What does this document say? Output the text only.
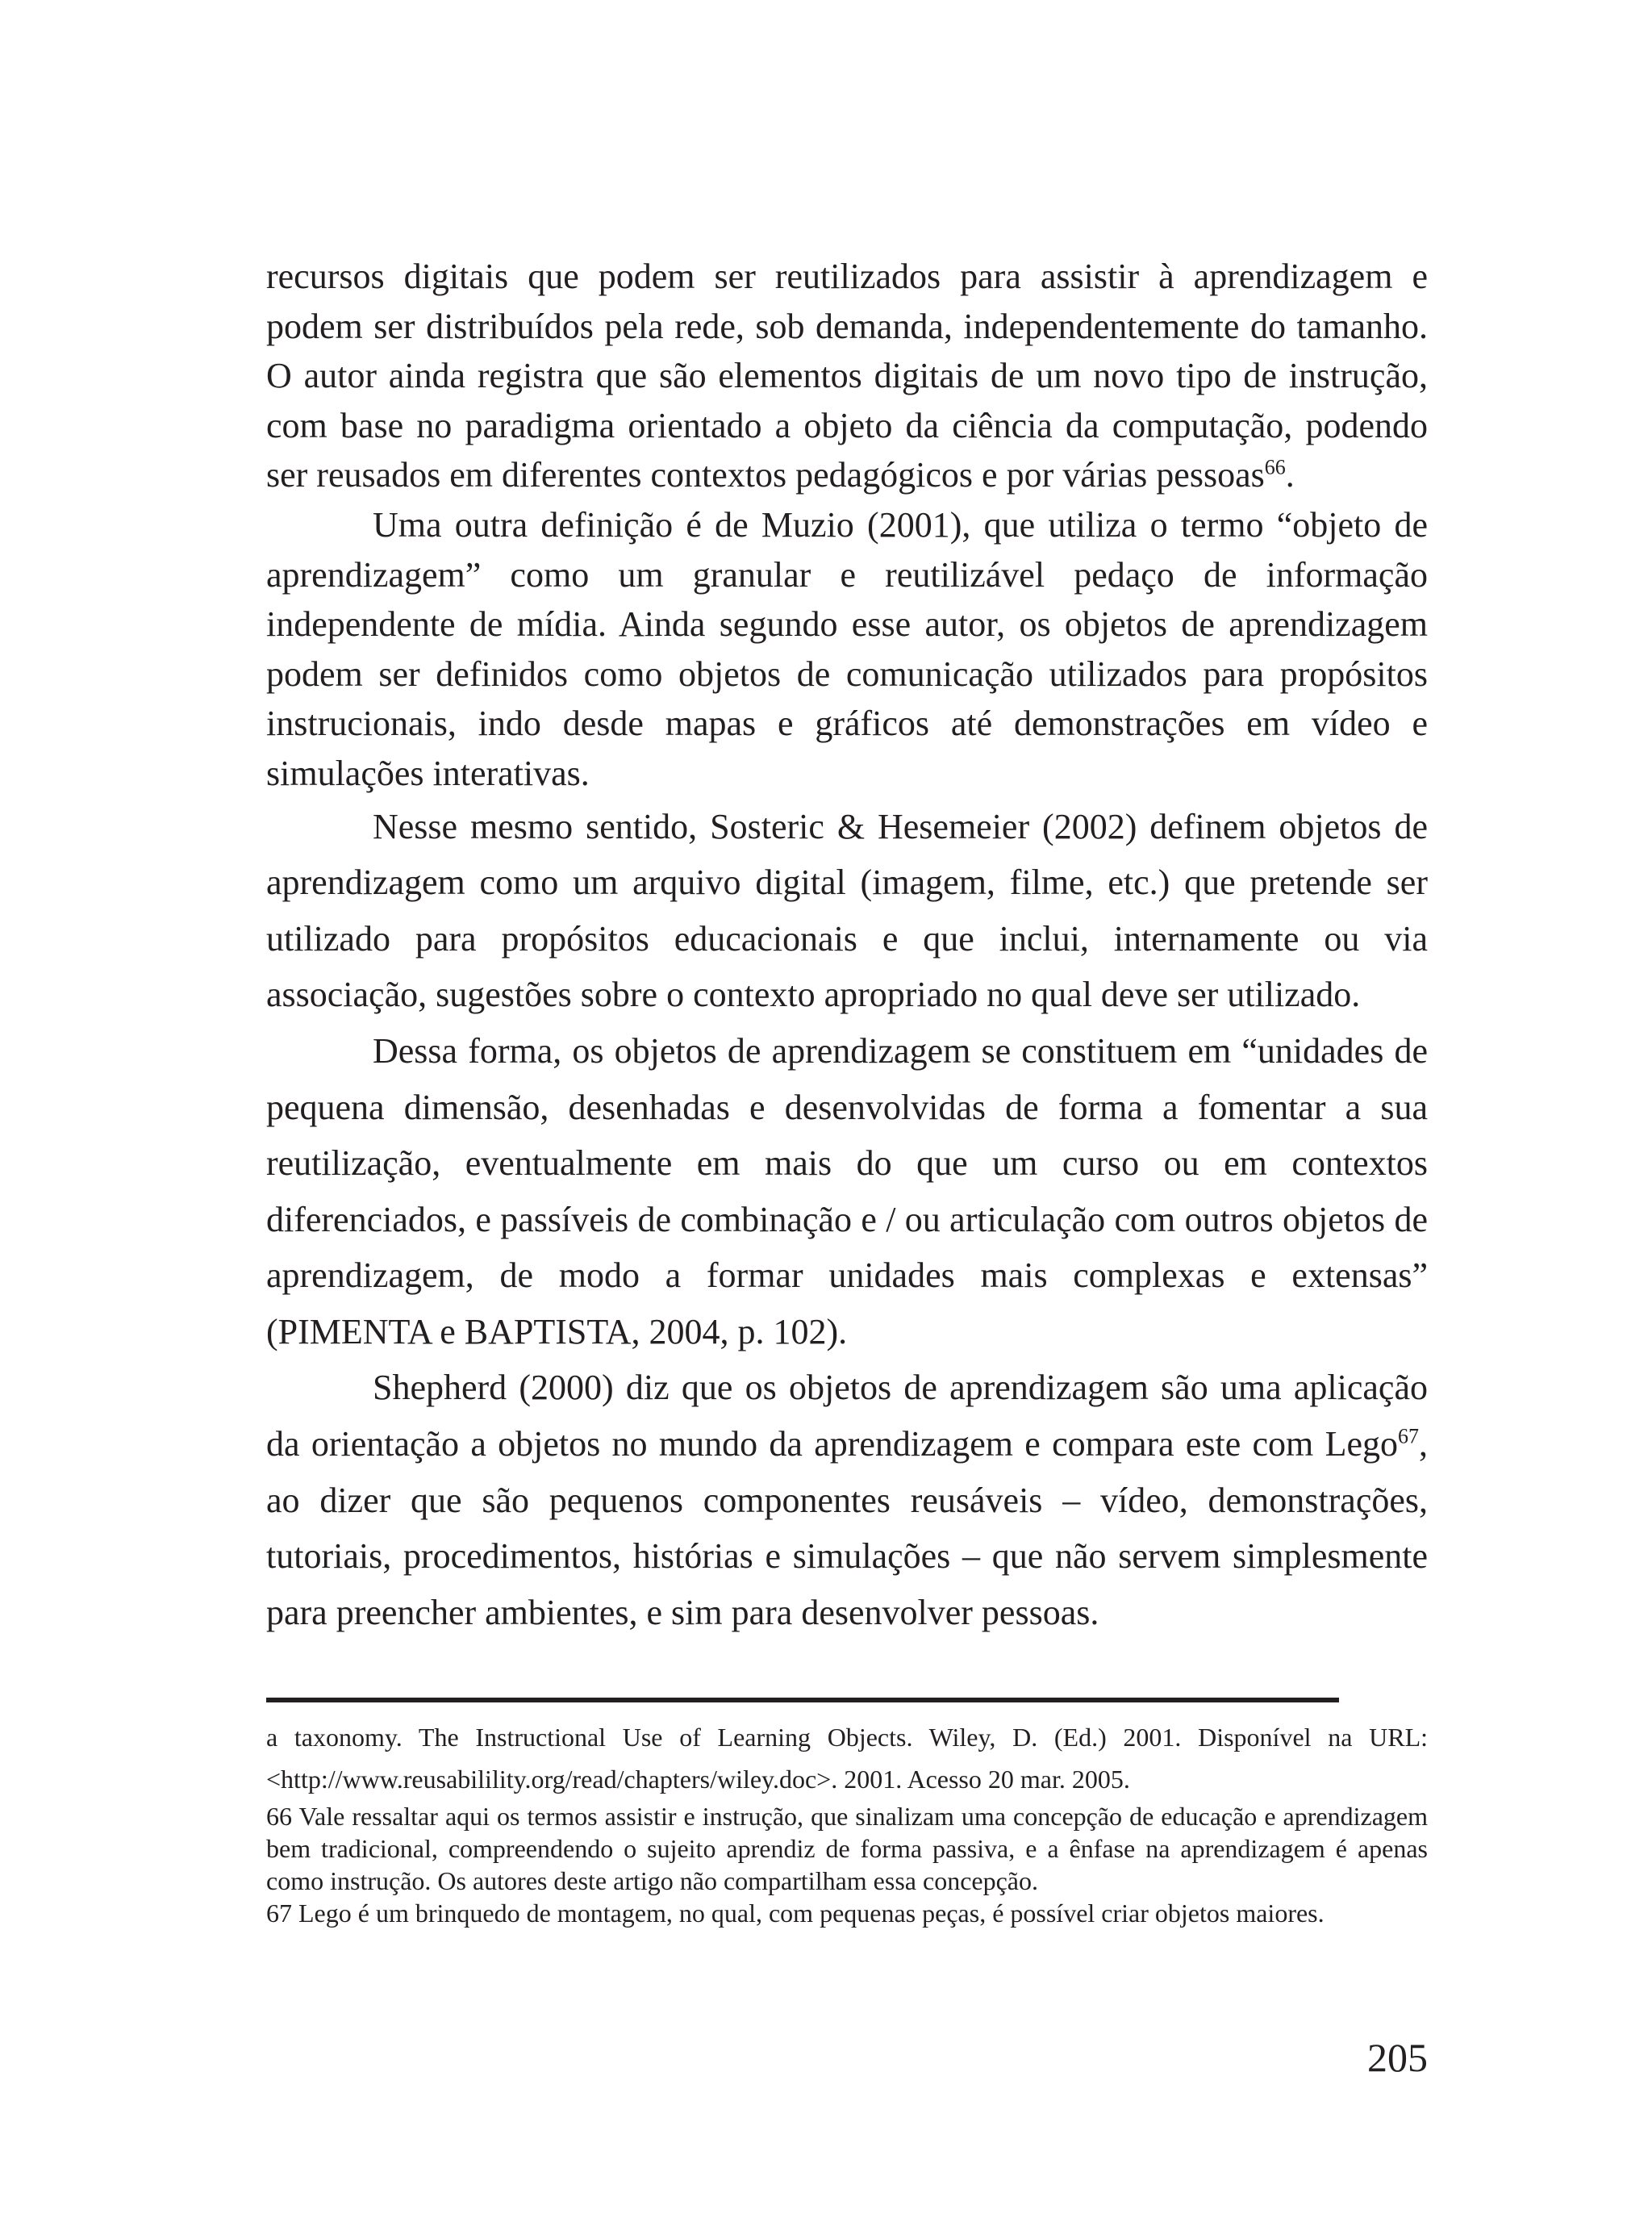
recursos digitais que podem ser reutilizados para assistir à aprendizagem e podem ser distribuídos pela rede, sob demanda, independentemente do tamanho. O autor ainda registra que são elementos digitais de um novo tipo de instrução, com base no paradigma orientado a objeto da ciência da computação, podendo ser reusados em diferentes contextos pedagógicos e por várias pessoas$^{66}$.

Uma outra definição é de Muzio (2001), que utiliza o termo “objeto de aprendizagem” como um granular e reutilizável pedaço de informação independente de mídia. Ainda segundo esse autor, os objetos de aprendizagem podem ser definidos como objetos de comunicação utilizados para propósitos instrucionais, indo desde mapas e gráficos até demonstrações em vídeo e simulações interativas.

Nesse mesmo sentido, Sosteric & Hesemeier (2002) definem objetos de aprendizagem como um arquivo digital (imagem, filme, etc.) que pretende ser utilizado para propósitos educacionais e que inclui, internamente ou via associação, sugestões sobre o contexto apropriado no qual deve ser utilizado.

Dessa forma, os objetos de aprendizagem se constituem em “unidades de pequena dimensão, desenhadas e desenvolvidas de forma a fomentar a sua reutilização, eventualmente em mais do que um curso ou em contextos diferenciados, e passíveis de combinação e / ou articulação com outros objetos de aprendizagem, de modo a formar unidades mais complexas e extensas” (PIMENTA e BAPTISTA, 2004, p. 102).

Shepherd (2000) diz que os objetos de aprendizagem são uma aplicação da orientação a objetos no mundo da aprendizagem e compara este com Lego$^{67}$, ao dizer que são pequenos componentes reusáveis – vídeo, demonstrações, tutoriais, procedimentos, histórias e simulações – que não servem simplesmente para preencher ambientes, e sim para desenvolver pessoas.

a taxonomy. The Instructional Use of Learning Objects. Wiley, D. (Ed.) 2001. Disponível na URL: <http://www.reusabilility.org/read/chapters/wiley.doc>. 2001. Acesso 20 mar. 2005.

66 Vale ressaltar aqui os termos assistir e instrução, que sinalizam uma concepção de educação e aprendizagem bem tradicional, compreendendo o sujeito aprendiz de forma passiva, e a ênfase na aprendizagem é apenas como instrução. Os autores deste artigo não compartilham essa concepção.

67 Lego é um brinquedo de montagem, no qual, com pequenas peças, é possível criar objetos maiores.

205
